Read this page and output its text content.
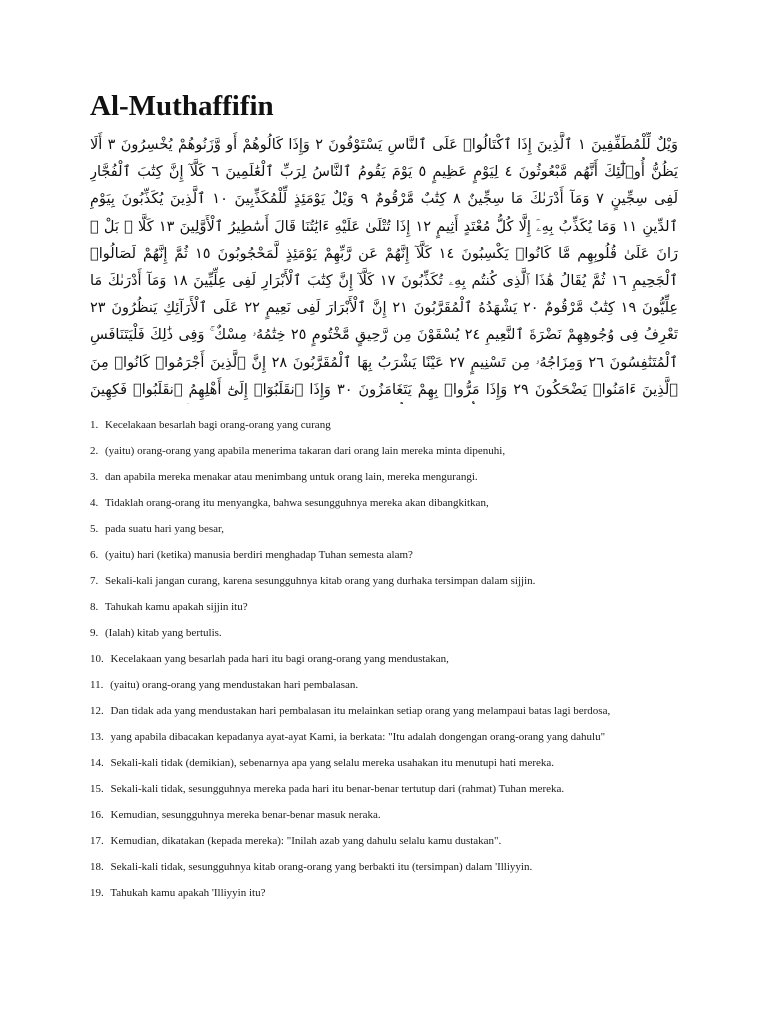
Al-Muthaffifin

وَيْلٌ لِّلْمُطَفِّفِينَ ١ ٱلَّذِينَ إِذَا ٱكْتَالُوا۟ عَلَى ٱلنَّاسِ يَسْتَوْفُونَ ٢ وَإِذَا كَالُوهُمْ أَو وَّزَنُوهُمْ يُخْسِرُونَ ٣ أَلَا يَظُنُّ أُو۟لَٰٓئِكَ أَنَّهُم مَّبْعُوثُونَ ٤ لِيَوْمٍ عَظِيمٍ ٥ يَوْمَ يَقُومُ ٱلنَّاسُ لِرَبِّ ٱلْعَٰلَمِينَ ٦ كَلَّآ إِنَّ كِتَٰبَ ٱلْفُجَّارِ لَفِى سِجِّينٍ ٧ وَمَآ أَدْرَىٰكَ مَا سِجِّينٌ ٨ كِتَٰبٌ مَّرْقُومٌ ٩ وَيْلٌ يَوْمَئِذٍ لِّلْمُكَذِّبِينَ ١٠ ٱلَّذِينَ يُكَذِّبُونَ بِيَوْمِ ٱلدِّينِ ١١ وَمَا يُكَذِّبُ بِهِۦٓ إِلَّا كُلُّ مُعْتَدٍ أَثِيمٍ ١٢ إِذَا تُتْلَىٰ عَلَيْهِ ءَايَٰتُنَا قَالَ أَسَٰطِيرُ ٱلْأَوَّلِينَ ١٣ كَلَّا ۖ بَلْ ۜ رَانَ عَلَىٰ قُلُوبِهِم مَّا كَانُوا۟ يَكْسِبُونَ ١٤ كَلَّآ إِنَّهُمْ عَن رَّبِّهِمْ يَوْمَئِذٍ لَّمَحْجُوبُونَ ١٥ ثُمَّ إِنَّهُمْ لَصَالُوا۟ ٱلْجَحِيمِ ١٦ ثُمَّ يُقَالُ هَٰذَا ٱلَّذِى كُنتُم بِهِۦ تُكَذِّبُونَ ١٧ كَلَّآ إِنَّ كِتَٰبَ ٱلْأَبْرَارِ لَفِى عِلِّيِّينَ ١٨ وَمَآ أَدْرَىٰكَ مَا عِلِّيُّونَ ١٩ كِتَٰبٌ مَّرْقُومٌ ٢٠ يَشْهَدُهُ ٱلْمُقَرَّبُونَ ٢١ إِنَّ ٱلْأَبْرَارَ لَفِى نَعِيمٍ ٢٢ عَلَى ٱلْأَرَآئِكِ يَنظُرُونَ ٢٣ تَعْرِفُ فِى وُجُوهِهِمْ نَضْرَةَ ٱلنَّعِيمِ ٢٤ يُسْقَوْنَ مِن رَّحِيقٍ مَّخْتُومٍ ٢٥ خِتَٰمُهُۥ مِسْكٌ ۚ وَفِى ذَٰلِكَ فَلْيَتَنَافَسِ ٱلْمُتَنَٰفِسُونَ ٢٦ وَمِزَاجُهُۥ مِن تَسْنِيمٍ ٢٧ عَيْنًا يَشْرَبُ بِهَا ٱلْمُقَرَّبُونَ ٢٨ إِنَّ ٱلَّذِينَ أَجْرَمُوا۟ كَانُوا۟ مِنَ ٱلَّذِينَ ءَامَنُوا۟ يَضْحَكُونَ ٢٩ وَإِذَا مَرُّوا۟ بِهِمْ يَتَغَامَزُونَ ٣٠ وَإِذَا ٱنقَلَبُوٓا۟ إِلَىٰٓ أَهْلِهِمُ ٱنقَلَبُوا۟ فَكِهِينَ

1. Kecelakaan besarlah bagi orang-orang yang curang
2. (yaitu) orang-orang yang apabila menerima takaran dari orang lain mereka minta dipenuhi,
3. dan apabila mereka menakar atau menimbang untuk orang lain, mereka mengurangi.
4. Tidaklah orang-orang itu menyangka, bahwa sesungguhnya mereka akan dibangkitkan,
5. pada suatu hari yang besar,
6. (yaitu) hari (ketika) manusia berdiri menghadap Tuhan semesta alam?
7. Sekali-kali jangan curang, karena sesungguhnya kitab orang yang durhaka tersimpan dalam sijjin.
8. Tahukah kamu apakah sijjin itu?
9. (Ialah) kitab yang bertulis.
10. Kecelakaan yang besarlah pada hari itu bagi orang-orang yang mendustakan,
11. (yaitu) orang-orang yang mendustakan hari pembalasan.
12. Dan tidak ada yang mendustakan hari pembalasan itu melainkan setiap orang yang melampaui batas lagi berdosa,
13. yang apabila dibacakan kepadanya ayat-ayat Kami, ia berkata: "Itu adalah dongengan orang-orang yang dahulu"
14. Sekali-kali tidak (demikian), sebenarnya apa yang selalu mereka usahakan itu menutupi hati mereka.
15. Sekali-kali tidak, sesungguhnya mereka pada hari itu benar-benar tertutup dari (rahmat) Tuhan mereka.
16. Kemudian, sesungguhnya mereka benar-benar masuk neraka.
17. Kemudian, dikatakan (kepada mereka): "Inilah azab yang dahulu selalu kamu dustakan".
18. Sekali-kali tidak, sesungguhnya kitab orang-orang yang berbakti itu (tersimpan) dalam 'Illiyyin.
19. Tahukah kamu apakah 'Illiyyin itu?
